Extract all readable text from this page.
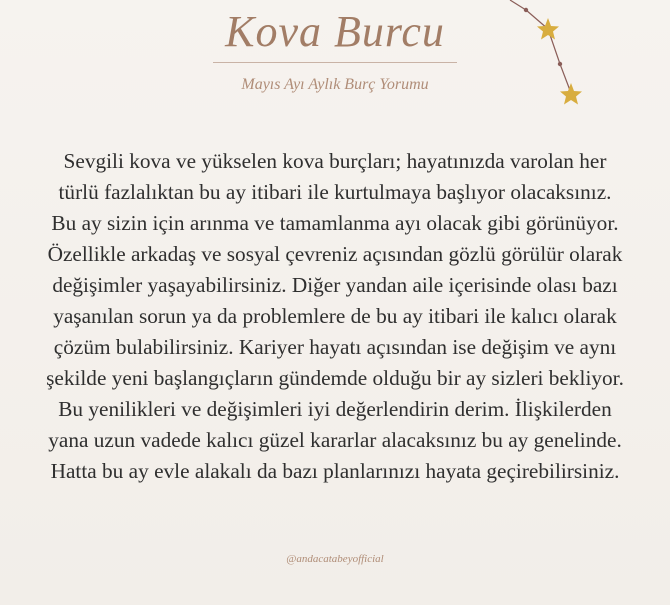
Kova Burcu
Mayıs Ayı Aylık Burç Yorumu

Sevgili kova ve yükselen kova burçları; hayatınızda varolan her
türlü fazlalıktan bu ay itibari ile kurtulmaya başlıyor olacaksınız.
Bu ay sizin için arınma ve tamamlanma ayı olacak gibi görünüyor.
Özellikle arkadaş ve sosyal çevreniz açısından gözlü görülür olarak
değişimler yaşayabilirsiniz. Diğer yandan aile içerisinde olası bazı
yaşanılan sorun ya da problemlere de bu ay itibari ile kalıcı olarak
çözüm bulabilirsiniz. Kariyer hayatı açısından ise değişim ve aynı
şekilde yeni başlangıçların gündemde olduğu bir ay sizleri bekliyor.
Bu yenilikleri ve değişimleri iyi değerlendirin derim. İlişkilerden
yana uzun vadede kalıcı güzel kararlar alacaksınız bu ay genelinde.
Hatta bu ay evle alakalı da bazı planlarınızı hayata geçirebilirsiniz.

@andacatabeyofficial
